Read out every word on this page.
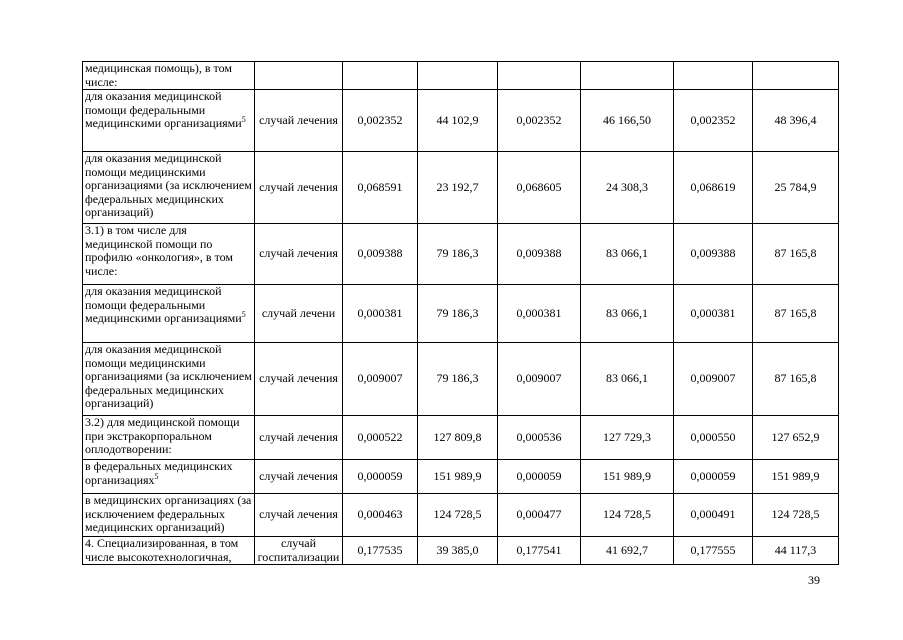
медицинская помощь), в том числе:							
для оказания медицинской помощи федеральными медицинскими организациями$^5$	случай лечения	0,002352	44 102,9	0,002352	46 166,50	0,002352	48 396,4
для оказания медицинской помощи медицинскими организациями (за исключением федеральных медицинских организаций)	случай лечения	0,068591	23 192,7	0,068605	24 308,3	0,068619	25 784,9
3.1) в том числе для медицинской помощи по профилю «онкология», в том числе:	случай лечения	0,009388	79 186,3	0,009388	83 066,1	0,009388	87 165,8
для оказания медицинской помощи федеральными медицинскими организациями$^5$	случай лечени	0,000381	79 186,3	0,000381	83 066,1	0,000381	87 165,8
для оказания медицинской помощи медицинскими организациями (за исключением федеральных медицинских организаций)	случай лечения	0,009007	79 186,3	0,009007	83 066,1	0,009007	87 165,8
3.2) для медицинской помощи при экстракорпоральном оплодотворении:	случай лечения	0,000522	127 809,8	0,000536	127 729,3	0,000550	127 652,9
в федеральных медицинских организациях$^5$	случай лечения	0,000059	151 989,9	0,000059	151 989,9	0,000059	151 989,9
в медицинских организациях (за исключением федеральных медицинских организаций)	случай лечения	0,000463	124 728,5	0,000477	124 728,5	0,000491	124 728,5
4. Специализированная, в том числе высокотехнологичная,	случай госпитализации	0,177535	39 385,0	0,177541	41 692,7	0,177555	44 117,3
39
